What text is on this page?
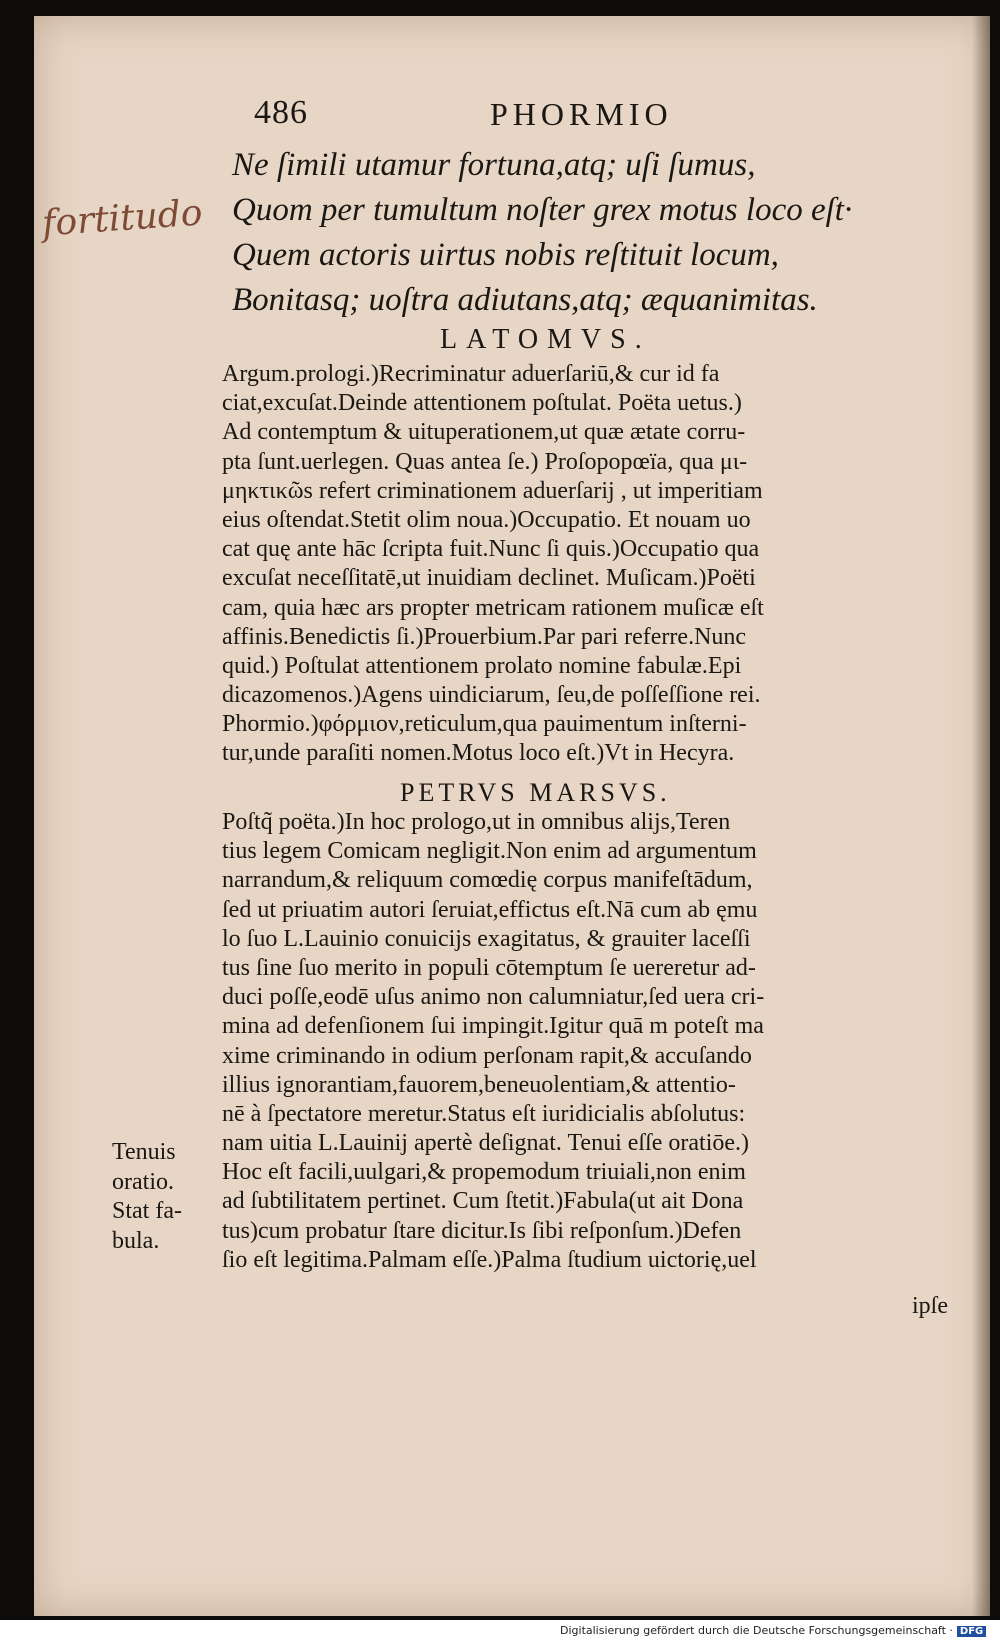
486	PHORMIO
Ne ſimili utamur fortuna,atq; uſi ſumus,
Quom per tumultum noſter grex motus loco eſt·
Quem actoris uirtus nobis reſtituit locum,
Bonitasq; uoſtra adiutans,atq; æquanimitas.
fortitudo
LATOMVS.
Argum.prologi.)Recriminatur aduerſariū,& cur id fa
ciat,excuſat.Deinde attentionem poſtulat. Poëta uetus.)
Ad contemptum & uituperationem,ut quæ ætate corru-
pta ſunt.uerlegen. Quas antea ſe.) Proſopopœïa, qua μι-
μηκτικῶs refert criminationem aduerſarij , ut imperitiam
eius oſtendat.Stetit olim noua.)Occupatio. Et nouam uo
cat quę ante hāc ſcripta fuit.Nunc ſi quis.)Occupatio qua
excuſat neceſſitatē,ut inuidiam declinet. Muſicam.)Poëti
cam, quia hæc ars propter metricam rationem muſicæ eſt
affinis.Benedictis ſi.)Prouerbium.Par pari referre.Nunc
quid.) Poſtulat attentionem prolato nomine fabulæ.Epi
dicazomenos.)Agens uindiciarum, ſeu,de poſſeſſione rei.
Phormio.)φόρμιον,reticulum,qua pauimentum inſterni-
tur,unde paraſiti nomen.Motus loco eſt.)Vt in Hecyra.
PETRVS MARSVS.
Poſtq̃ poëta.)In hoc prologo,ut in omnibus alijs,Teren
tius legem Comicam negligit.Non enim ad argumentum
narrandum,& reliquum comœdię corpus manifeſtādum,
ſed ut priuatim autori ſeruiat,effictus eſt.Nā cum ab ęmu
lo ſuo L.Lauinio conuicijs exagitatus, & grauiter laceſſi
tus ſine ſuo merito in populi cōtemptum ſe uereretur ad-
duci poſſe,eodē uſus animo non calumniatur,ſed uera cri-
mina ad defenſionem ſui impingit.Igitur quā m poteſt ma
xime criminando in odium perſonam rapit,& accuſando
illius ignorantiam,fauorem,beneuolentiam,& attentio-
nē à ſpectatore meretur.Status eſt iuridicialis abſolutus:
nam uitia L.Lauinij apertè deſignat. Tenui eſſe oratiōe.)
Hoc eſt facili,uulgari,& propemodum triuiali,non enim
ad ſubtilitatem pertinet. Cum ſtetit.)Fabula(ut ait Dona
tus)cum probatur ſtare dicitur.Is ſibi reſponſum.)Defen
ſio eſt legitima.Palmam eſſe.)Palma ſtudium uictorię,uel
Tenuis
oratio.
Stat fa-
bula.
ipſe
Digitalisierung gefördert durch die Deutsche Forschungsgemeinschaft · DFG
